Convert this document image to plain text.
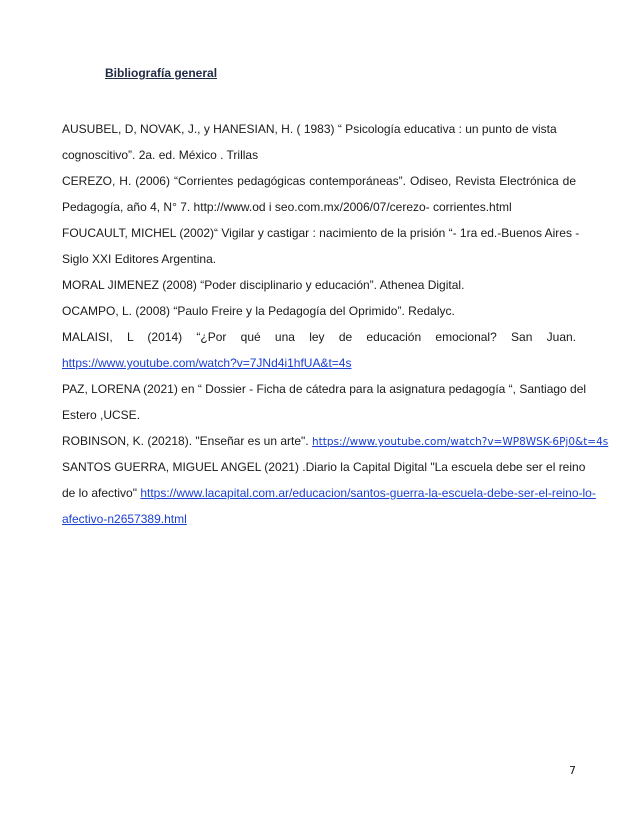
Bibliografía general
AUSUBEL, D, NOVAK, J., y HANESIAN, H. ( 1983) “ Psicología educativa : un punto de vista
cognoscitivo”. 2a. ed. México . Trillas
CEREZO, H. (2006) “Corrientes pedagógicas contemporáneas”. Odiseo, Revista Electrónica de
Pedagogía, año 4, N° 7. http://www.od i seo.com.mx/2006/07/cerezo- corrientes.html
FOUCAULT, MICHEL (2002)“ Vigilar y castigar : nacimiento de la prisión “- 1ra ed.-Buenos Aires -
Siglo XXI Editores Argentina.
MORAL JIMENEZ (2008) “Poder disciplinario y educación”. Athenea Digital.
OCAMPO, L. (2008) “Paulo Freire y la Pedagogía del Oprimido”. Redalyc.
MALAISI, L (2014) “¿Por qué una ley de educación emocional? San Juan.
https://www.youtube.com/watch?v=7JNd4i1hfUA&t=4s
PAZ, LORENA (2021) en “ Dossier - Ficha de cátedra para la asignatura pedagogía “, Santiago del
Estero ,UCSE.
ROBINSON, K. (20218). "Enseñar es un arte". https://www.youtube.com/watch?v=WP8WSK-6Pj0&t=4s
SANTOS GUERRA, MIGUEL ANGEL (2021) .Diario la Capital Digital "La escuela debe ser el reino
de lo afectivo" https://www.lacapital.com.ar/educacion/santos-guerra-la-escuela-debe-ser-el-reino-lo-
afectivo-n2657389.html
7
